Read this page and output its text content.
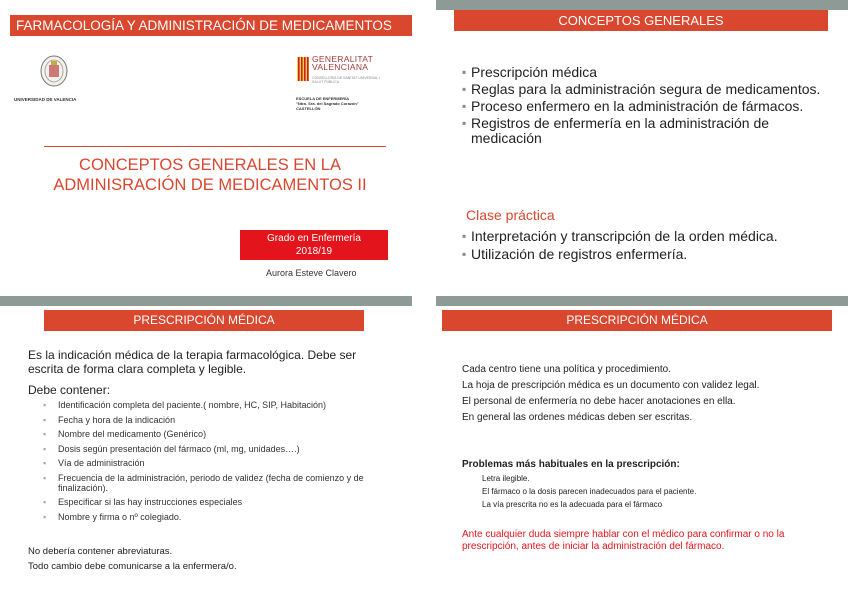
FARMACOLOGÍA Y ADMINISTRACIÓN DE MEDICAMENTOS
UNIVERSIDAD DE VALENCIA
GENERALITAT
VALENCIANA
CONSELLERIA DE SANITAT UNIVERSAL I SALUT PÚBLICA
ESCUELA DE ENFERMERÍA
"Ntra. Sra. del Sagrado Corazón"
CASTELLÓN
CONCEPTOS GENERALES EN LA
ADMINISRACIÓN DE MEDICAMENTOS II
Grado en Enfermería
2018/19
Aurora Esteve Clavero
CONCEPTOS GENERALES
▪ Prescripción médica
▪ Reglas para la administración segura de medicamentos.
▪ Proceso enfermero en la administración de fármacos.
▪ Registros de enfermería en la administración de medicación
Clase práctica
▪ Interpretación y transcripción de la orden médica.
▪ Utilización de registros enfermería.
PRESCRIPCIÓN MÉDICA
Es la indicación médica de la terapia farmacológica. Debe ser escrita de forma clara completa y legible.
Debe contener:
▪ Identificación completa del paciente.( nombre, HC, SIP, Habitación)
▪ Fecha y hora de la indicación
▪ Nombre del medicamento (Genérico)
▪ Dosis según presentación del fármaco (ml, mg, unidades….)
▪ Vía de administración
▪ Frecuencia de la administración, periodo de validez (fecha de comienzo y de finalización).
▪ Especificar si las hay instrucciones especiales
▪ Nombre y firma o nº colegiado.
No debería contener abreviaturas.
Todo cambio debe comunicarse a la enfermera/o.
PRESCRIPCIÓN MÉDICA

Cada centro tiene una política y procedimiento.

La hoja de prescripción médica es un documento con validez legal.

El personal de enfermería no debe hacer anotaciones en ella.

En general las ordenes médicas deben ser escritas.

Problemas más habituales en la prescripción:
Letra ilegible.
El fármaco o la dosis parecen inadecuados para el paciente.
La vía prescrita no es la adecuada para el fármaco
Ante cualquier duda siempre hablar con el médico para confirmar o no la prescripción, antes de iniciar la administración del fármaco.
